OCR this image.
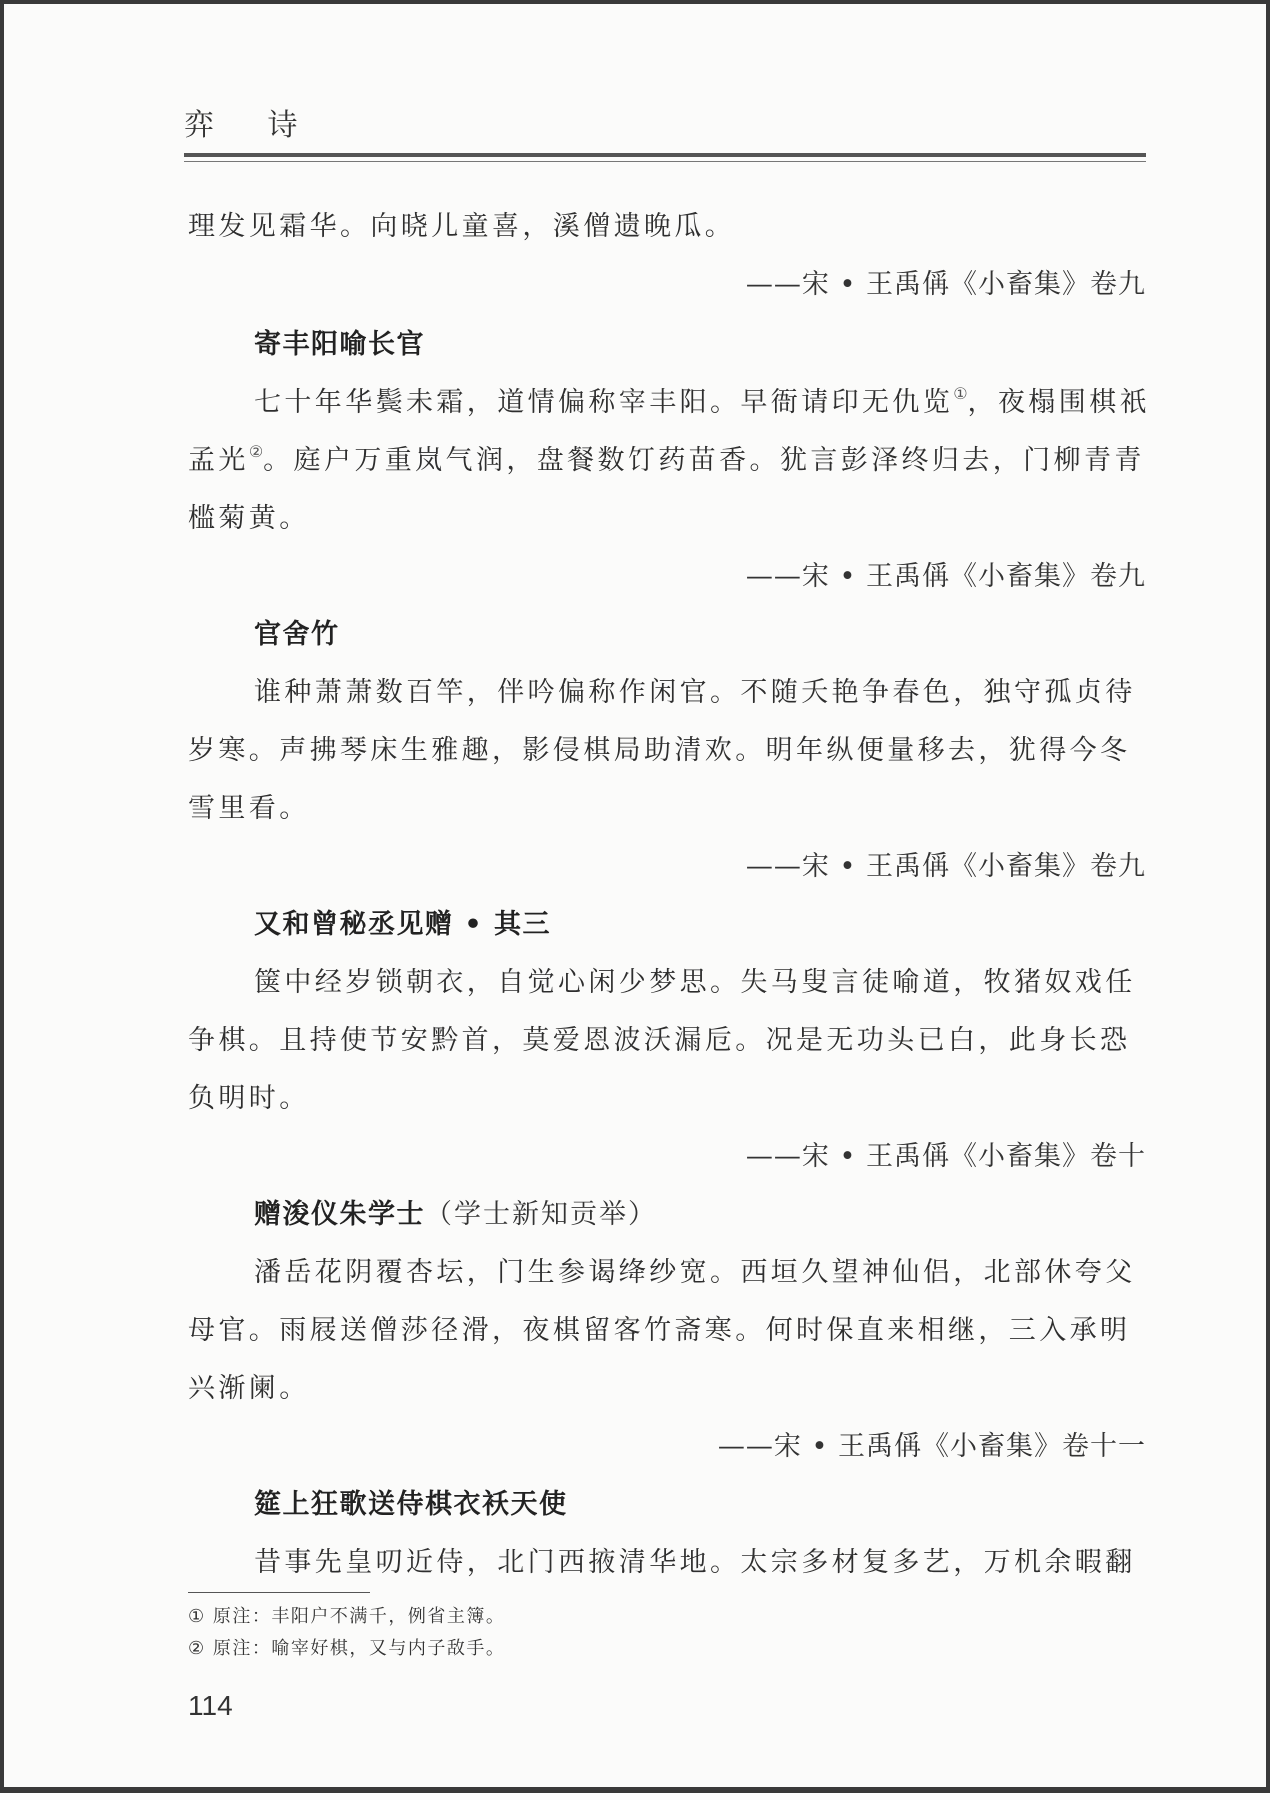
弈 诗
理发见霜华。向晓儿童喜，溪僧遗晚瓜。
——宋 • 王禹偁《小畜集》卷九
寄丰阳喻长官
七十年华鬓未霜，道情偏称宰丰阳。早衙请印无仇览①，夜榻围棋祇
孟光②。庭户万重岚气润，盘餐数饤药苗香。犹言彭泽终归去，门柳青青
槛菊黄。
——宋 • 王禹偁《小畜集》卷九
官舍竹
谁种萧萧数百竿，伴吟偏称作闲官。不随夭艳争春色，独守孤贞待
岁寒。声拂琴床生雅趣，影侵棋局助清欢。明年纵便量移去，犹得今冬
雪里看。
——宋 • 王禹偁《小畜集》卷九
又和曾秘丞见赠 • 其三
箧中经岁锁朝衣，自觉心闲少梦思。失马叟言徒喻道，牧猪奴戏任
争棋。且持使节安黔首，莫爱恩波沃漏卮。况是无功头已白，此身长恐
负明时。
——宋 • 王禹偁《小畜集》卷十
赠浚仪朱学士（学士新知贡举）
潘岳花阴覆杏坛，门生参谒绛纱宽。西垣久望神仙侣，北部休夸父
母官。雨屐送僧莎径滑，夜棋留客竹斋寒。何时保直来相继，三入承明
兴渐阑。
——宋 • 王禹偁《小畜集》卷十一
筵上狂歌送侍棋衣袄天使
昔事先皇叨近侍，北门西掖清华地。太宗多材复多艺，万机余暇翻
① 原注：丰阳户不满千，例省主簿。
② 原注：喻宰好棋，又与内子敌手。
114
